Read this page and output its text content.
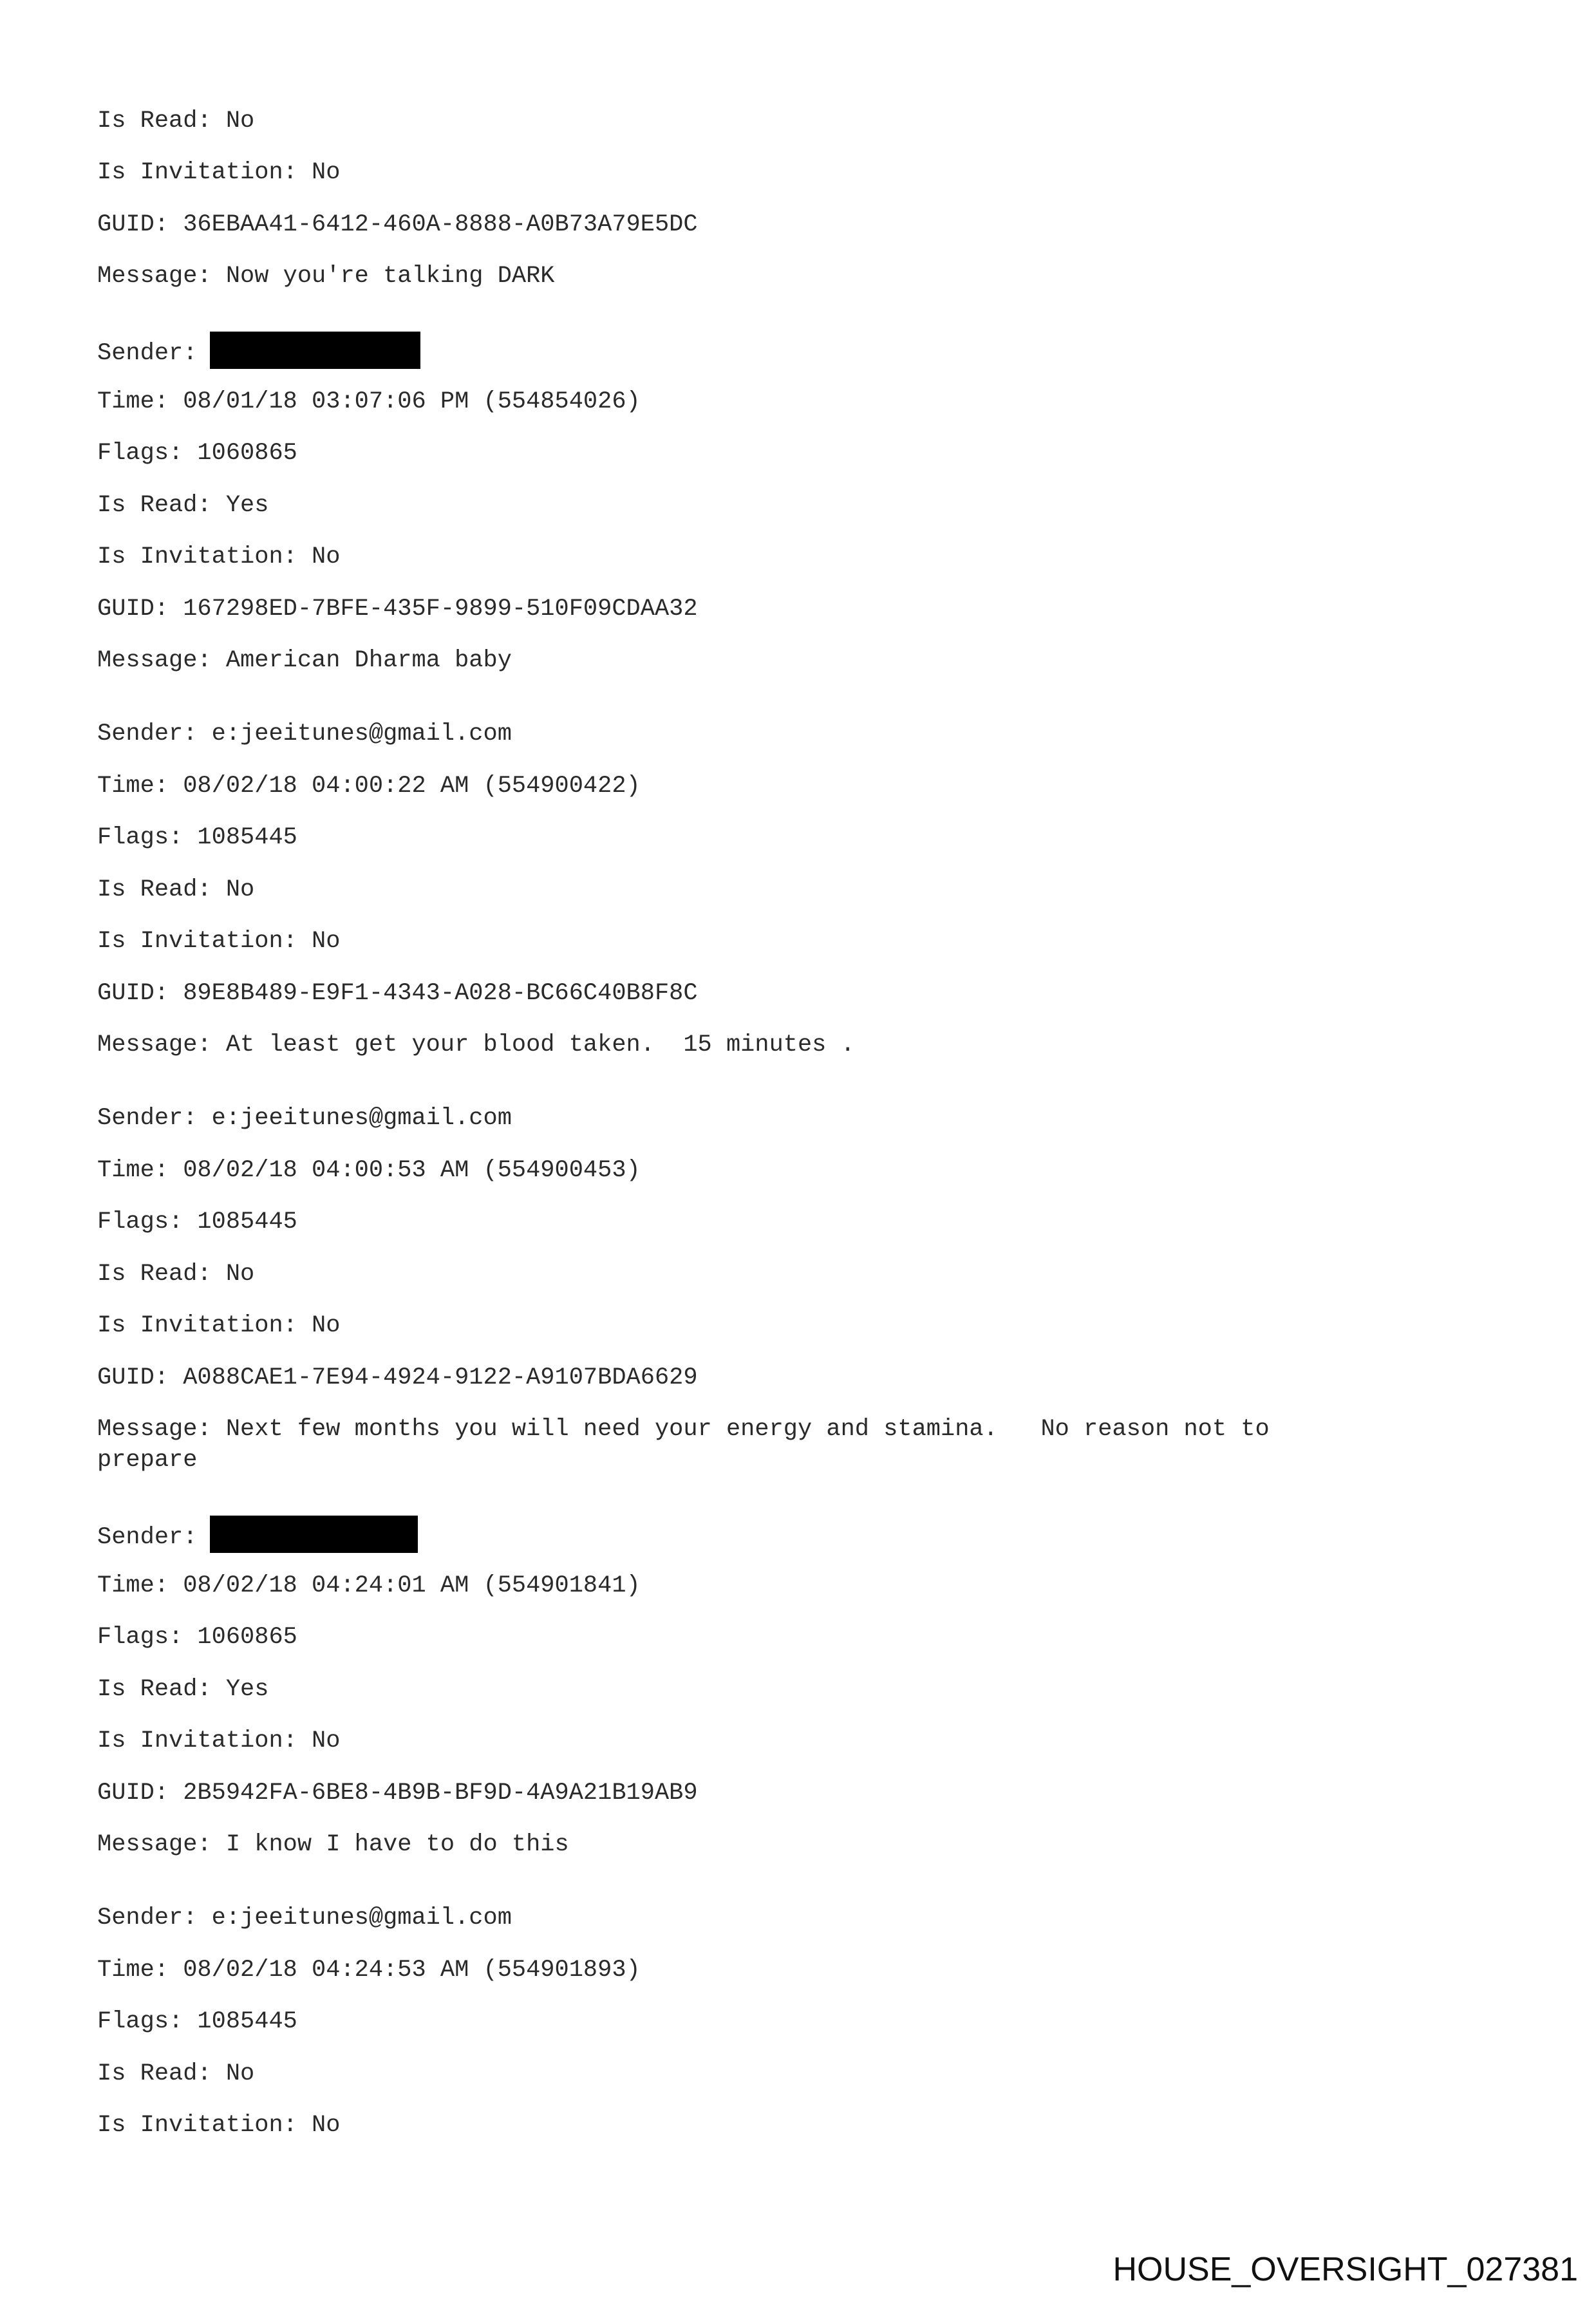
Is Read: No
Is Invitation: No
GUID: 36EBAA41-6412-460A-8888-A0B73A79E5DC
Message: Now you're talking DARK
Sender:
Time: 08/01/18 03:07:06 PM (554854026)
Flags: 1060865
Is Read: Yes
Is Invitation: No
GUID: 167298ED-7BFE-435F-9899-510F09CDAA32
Message: American Dharma baby
Sender: e:jeeitunes@gmail.com
Time: 08/02/18 04:00:22 AM (554900422)
Flags: 1085445
Is Read: No
Is Invitation: No
GUID: 89E8B489-E9F1-4343-A028-BC66C40B8F8C
Message: At least get your blood taken.  15 minutes .
Sender: e:jeeitunes@gmail.com
Time: 08/02/18 04:00:53 AM (554900453)
Flags: 1085445
Is Read: No
Is Invitation: No
GUID: A088CAE1-7E94-4924-9122-A9107BDA6629
Message: Next few months you will need your energy and stamina.   No reason not to
prepare
Sender:
Time: 08/02/18 04:24:01 AM (554901841)
Flags: 1060865
Is Read: Yes
Is Invitation: No
GUID: 2B5942FA-6BE8-4B9B-BF9D-4A9A21B19AB9
Message: I know I have to do this
Sender: e:jeeitunes@gmail.com
Time: 08/02/18 04:24:53 AM (554901893)
Flags: 1085445
Is Read: No
Is Invitation: No
HOUSE_OVERSIGHT_027381
